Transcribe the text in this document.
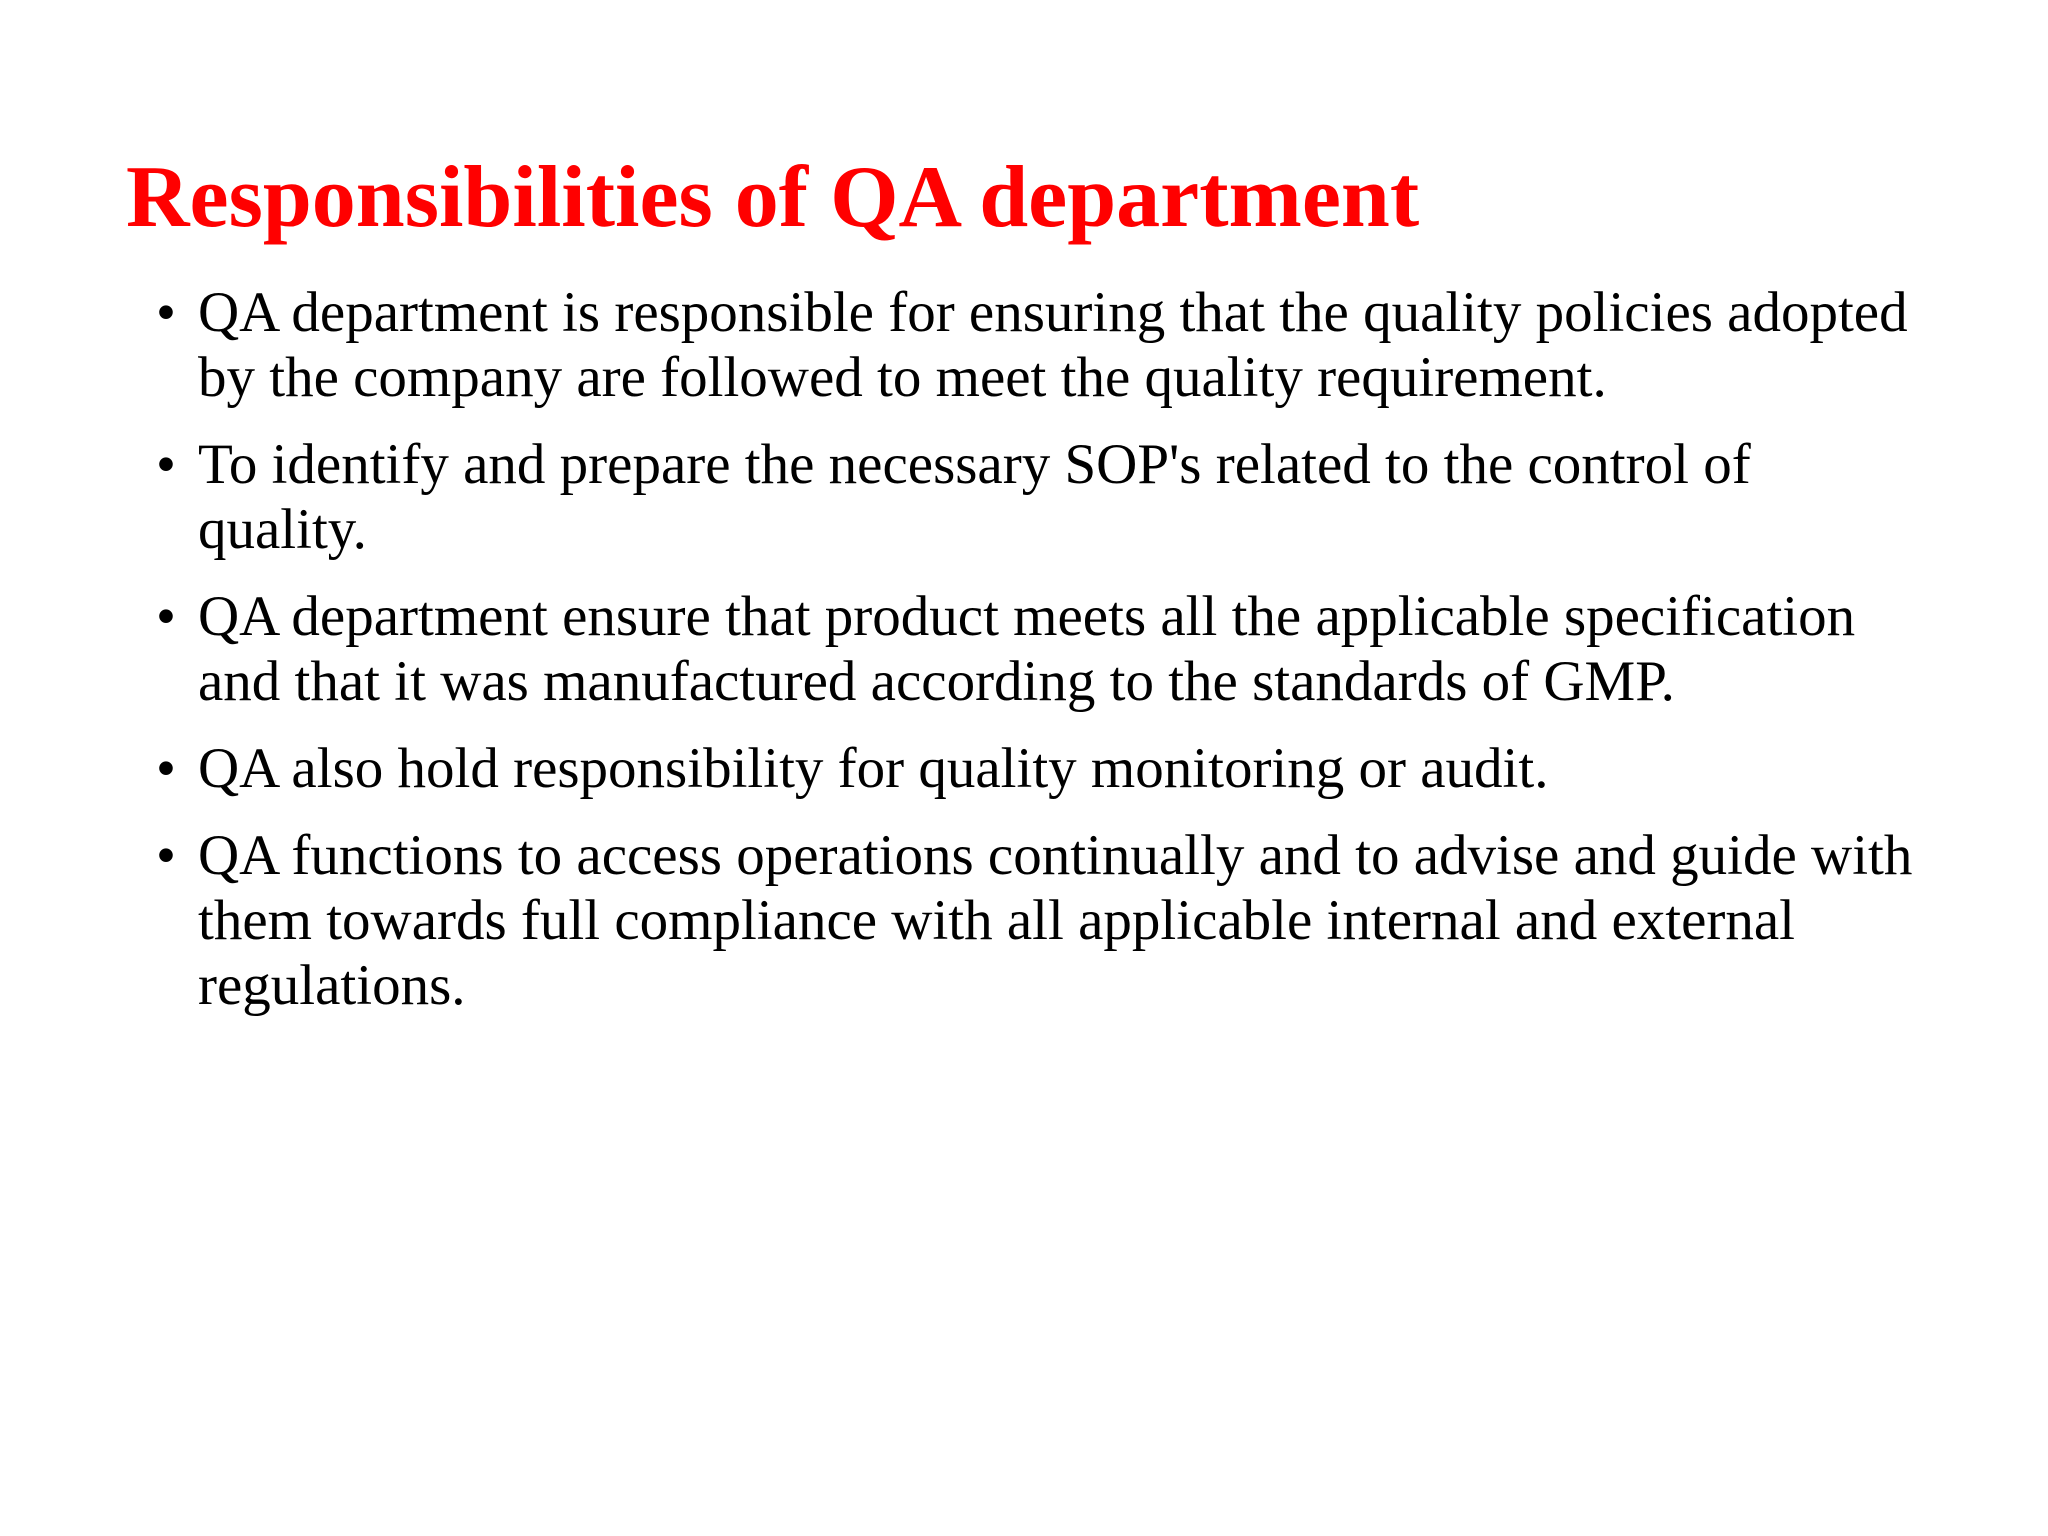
Responsibilities of QA department
• QA department is responsible for ensuring that the quality policies adopted by the company are followed to meet the quality requirement.
• To identify and prepare the necessary SOP's related to the control of quality.
• QA department ensure that product meets all the applicable specification and that it was manufactured according to the standards of GMP.
• QA also hold responsibility for quality monitoring or audit.
• QA functions to access operations continually and to advise and guide with them towards full compliance with all applicable internal and external regulations.
